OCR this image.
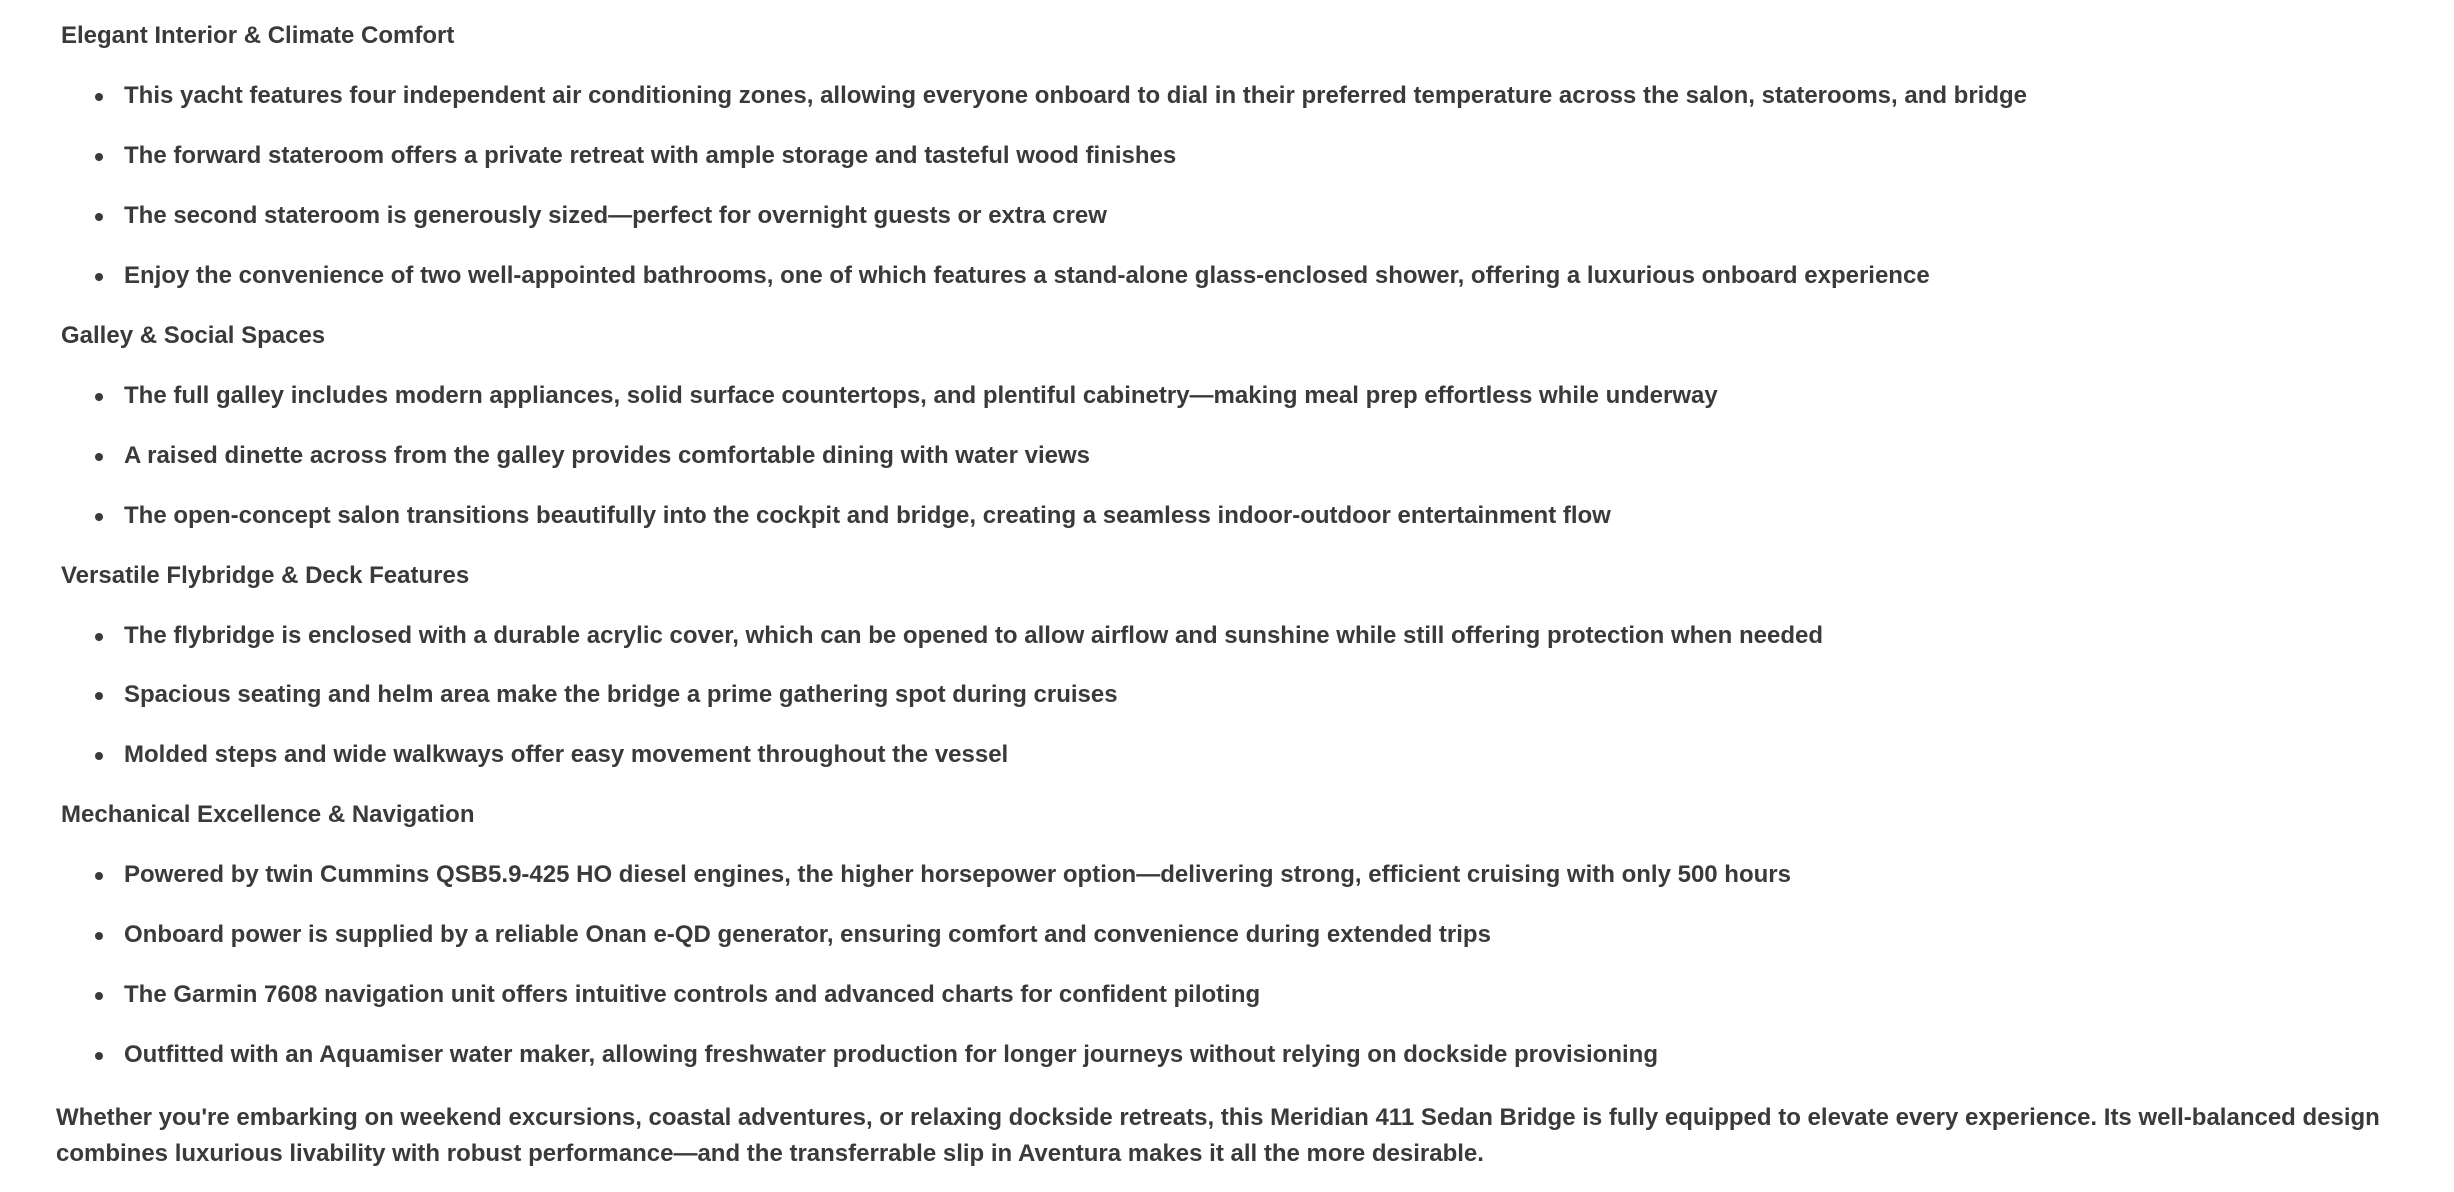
Elegant Interior & Climate Comfort

This yacht features four independent air conditioning zones, allowing everyone onboard to dial in their preferred temperature across the salon, staterooms, and bridge

The forward stateroom offers a private retreat with ample storage and tasteful wood finishes

The second stateroom is generously sized—perfect for overnight guests or extra crew

Enjoy the convenience of two well-appointed bathrooms, one of which features a stand-alone glass-enclosed shower, offering a luxurious onboard experience

Galley & Social Spaces

The full galley includes modern appliances, solid surface countertops, and plentiful cabinetry—making meal prep effortless while underway

A raised dinette across from the galley provides comfortable dining with water views

The open-concept salon transitions beautifully into the cockpit and bridge, creating a seamless indoor-outdoor entertainment flow

Versatile Flybridge & Deck Features

The flybridge is enclosed with a durable acrylic cover, which can be opened to allow airflow and sunshine while still offering protection when needed

Spacious seating and helm area make the bridge a prime gathering spot during cruises

Molded steps and wide walkways offer easy movement throughout the vessel

Mechanical Excellence & Navigation

Powered by twin Cummins QSB5.9-425 HO diesel engines, the higher horsepower option—delivering strong, efficient cruising with only 500 hours

Onboard power is supplied by a reliable Onan e-QD generator, ensuring comfort and convenience during extended trips

The Garmin 7608 navigation unit offers intuitive controls and advanced charts for confident piloting

Outfitted with an Aquamiser water maker, allowing freshwater production for longer journeys without relying on dockside provisioning

Whether you're embarking on weekend excursions, coastal adventures, or relaxing dockside retreats, this Meridian 411 Sedan Bridge is fully equipped to elevate every experience. Its well-balanced design combines luxurious livability with robust performance—and the transferrable slip in Aventura makes it all the more desirable.
